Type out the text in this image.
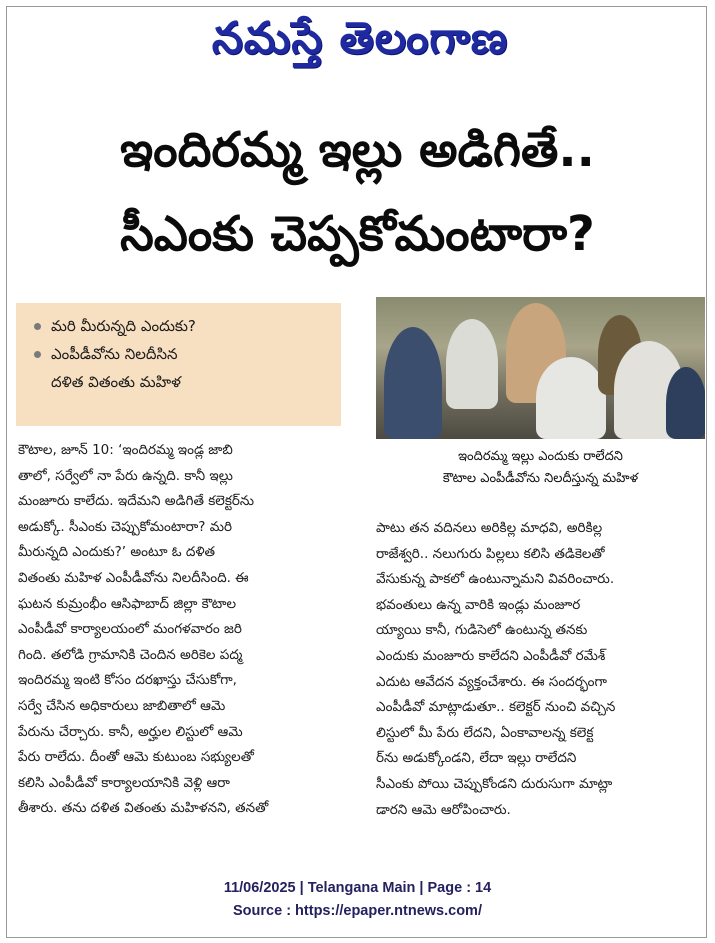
నమస్తే తెలంగాణ
ఇందిరమ్మ ఇల్లు అడిగితే..
సీఎంకు చెప్పకోమంటారా?
మరి మీరున్నది ఎందుకు?
ఎంపీడీవోను నిలదీసిన
దళిత వితంతు మహిళ
ఇందిరమ్మ ఇల్లు ఎందుకు రాలేదని
కౌటాల ఎంపీడీవోను నిలదీస్తున్న మహిళ

కౌటాల, జూన్ 10: ‘ఇందిరమ్మ ఇండ్ల జాబి

తాలో, సర్వేలో నా పేరు ఉన్నది. కానీ ఇల్లు

మంజూరు కాలేదు. ఇదేమని అడిగితే కలెక్టర్‌ను

అడుక్కో. సీఎంకు చెప్పుకోమంటారా? మరి

మీరున్నది ఎందుకు?’ అంటూ ఓ దళిత

వితంతు మహిళ ఎంపీడీవోను నిలదీసింది. ఈ

ఘటన కుమ్రంభీం ఆసిఫాబాద్ జిల్లా కౌటాల

ఎంపీడీవో కార్యాలయంలో మంగళవారం జరి

గింది. తలోడి గ్రామానికి చెందిన అరికెల పద్మ

ఇందిరమ్మ ఇంటి కోసం దరఖాస్తు చేసుకోగా,

సర్వే చేసిన అధికారులు జాబితాలో ఆమె

పేరును చేర్చారు. కానీ, అర్హుల లిస్టులో ఆమె

పేరు రాలేదు. దీంతో ఆమె కుటుంబ సభ్యులతో

కలిసి ఎంపీడీవో కార్యాలయానికి వెళ్లి ఆరా

తీశారు. తను దళిత వితంతు మహిళనని, తనతో

పాటు తన వదినలు అరికిల్ల మాధవి, అరికిల్ల

రాజేశ్వరి.. నలుగురు పిల్లలు కలిసి తడికెలతో

వేసుకున్న పాకలో ఉంటున్నామని వివరించారు.

భవంతులు ఉన్న వారికి ఇండ్లు మంజూర

య్యాయి కానీ, గుడిసెలో ఉంటున్న తనకు

ఎందుకు మంజూరు కాలేదని ఎంపీడీవో రమేశ్

ఎదుట ఆవేదన వ్యక్తంచేశారు. ఈ సందర్భంగా

ఎంపీడీవో మాట్లాడుతూ.. కలెక్టర్ నుంచి వచ్చిన

లిస్టులో మీ పేరు లేదని, ఏంకావాలన్న కలెక్ట

ర్‌ను అడుక్కోండని, లేదా ఇల్లు రాలేదని

సీఎంకు పోయి చెప్పుకోండని దురుసుగా మాట్లా

డారని ఆమె ఆరోపించారు.

11/06/2025 | Telangana Main | Page : 14
Source : https://epaper.ntnews.com/
